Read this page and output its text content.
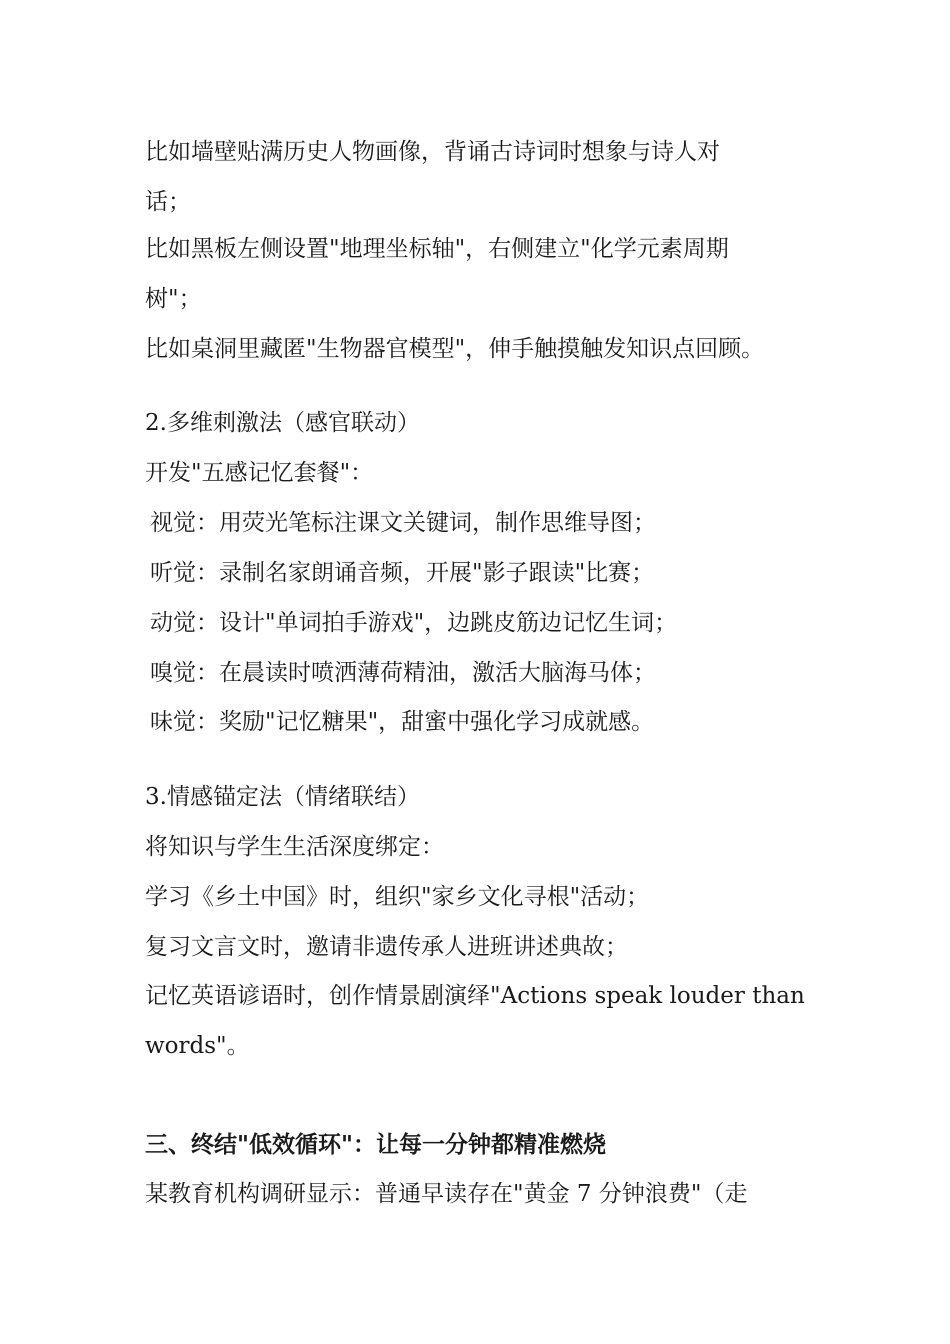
比如墙壁贴满历史人物画像，背诵古诗词时想象与诗人对
话；
比如黑板左侧设置"地理坐标轴"，右侧建立"化学元素周期
树"；
比如桌洞里藏匿"生物器官模型"，伸手触摸触发知识点回顾。
2.多维刺激法（感官联动）
开发"五感记忆套餐"：
视觉：用荧光笔标注课文关键词，制作思维导图；
听觉：录制名家朗诵音频，开展"影子跟读"比赛；
动觉：设计"单词拍手游戏"，边跳皮筋边记忆生词；
嗅觉：在晨读时喷洒薄荷精油，激活大脑海马体；
味觉：奖励"记忆糖果"，甜蜜中强化学习成就感。
3.情感锚定法（情绪联结）
将知识与学生生活深度绑定：
学习《乡土中国》时，组织"家乡文化寻根"活动；
复习文言文时，邀请非遗传承人进班讲述典故；
记忆英语谚语时，创作情景剧演绎"Actions speak louder than
words"。
三、终结"低效循环"：让每一分钟都精准燃烧
某教育机构调研显示：普通早读存在"黄金 7 分钟浪费"（走
